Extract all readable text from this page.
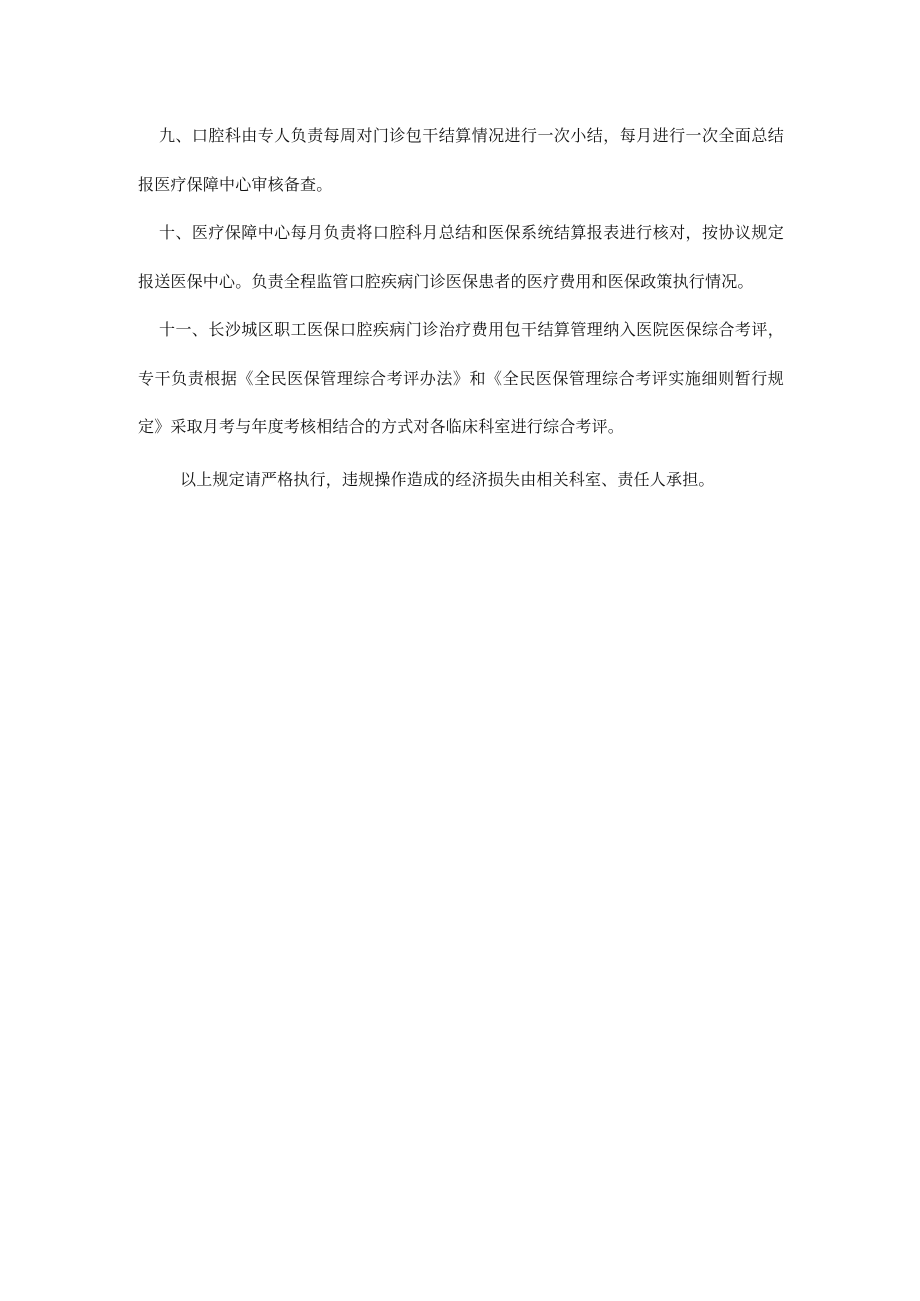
九、口腔科由专人负责每周对门诊包干结算情况进行一次小结，每月进行一次全面总结报医疗保障中心审核备查。

十、医疗保障中心每月负责将口腔科月总结和医保系统结算报表进行核对，按协议规定报送医保中心。负责全程监管口腔疾病门诊医保患者的医疗费用和医保政策执行情况。

十一、长沙城区职工医保口腔疾病门诊治疗费用包干结算管理纳入医院医保综合考评，专干负责根据《全民医保管理综合考评办法》和《全民医保管理综合考评实施细则暂行规定》采取月考与年度考核相结合的方式对各临床科室进行综合考评。

以上规定请严格执行，违规操作造成的经济损失由相关科室、责任人承担。
